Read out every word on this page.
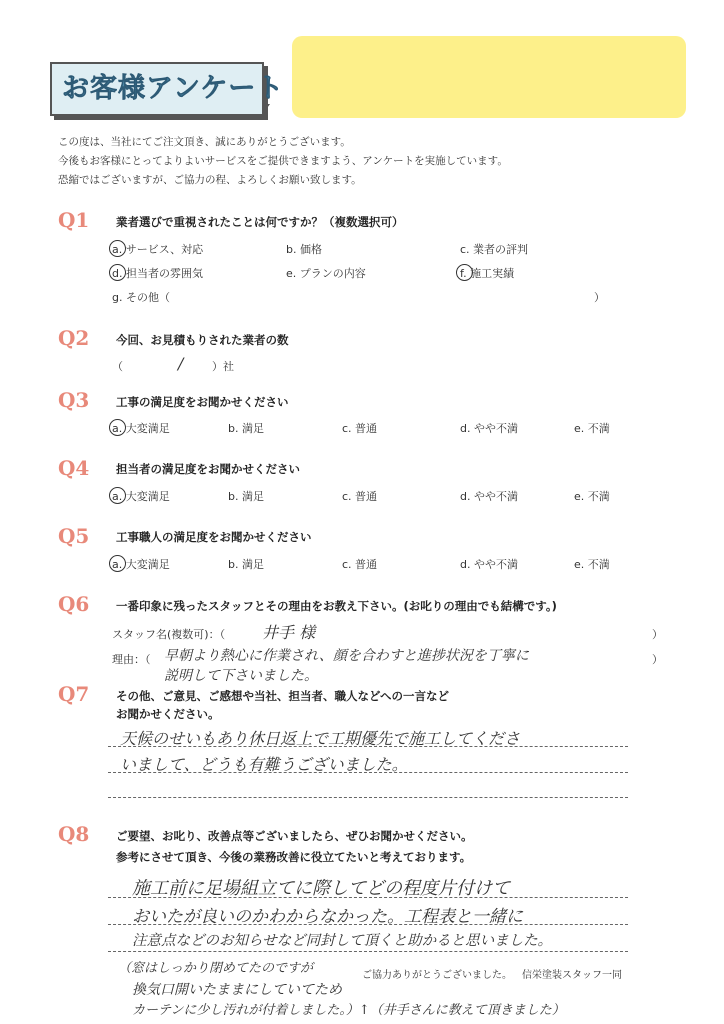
お客様アンケート
この度は、当社にてご注文頂き、誠にありがとうございます。
今後もお客様にとってよりよいサービスをご提供できますよう、アンケートを実施しています。
恐縮ではございますが、ご協力の程、よろしくお願い致します。
Q1 業者選びで重視されたことは何ですか？（複数選択可）
a. サービス、対応	b. 価格	c. 業者の評判
d. 担当者の雰囲気	e. プランの内容	f. 施工実績
g. その他（	）
Q2 今回、お見積もりされた業者の数
（	/	）社
Q3 工事の満足度をお聞かせください
a. 大変満足	b. 満足	c. 普通	d. やや不満	e. 不満
Q4 担当者の満足度をお聞かせください
a. 大変満足	b. 満足	c. 普通	d. やや不満	e. 不満
Q5 工事職人の満足度をお聞かせください
a. 大変満足	b. 満足	c. 普通	d. やや不満	e. 不満
Q6 一番印象に残ったスタッフとその理由をお教え下さい。(お叱りの理由でも結構です。)
スタッフ名(複数可)：（ 井手 様	）
理由：（ 早朝より熱心に作業され、顔を合わすと進捗状況を丁寧に	）
説明して下さいました。
Q7 その他、ご意見、ご感想や当社、担当者、職人などへの一言など
お聞かせください。
天候のせいもあり休日返上で工期優先で施工してくださ
いまして、どうも有難うございました。
Q8 ご要望、お叱り、改善点等ございましたら、ぜひお聞かせください。
参考にさせて頂き、今後の業務改善に役立てたいと考えております。
施工前に足場組立てに際してどの程度片付けて
おいたが良いのかわからなかった。工程表と一緒に
注意点などのお知らせなど同封して頂くと助かると思いました。
（窓はしっかり閉めてたのですが
換気口開いたままにしていてため
カーテンに少し汚れが付着しました。）↑（井手さんに教えて頂きました）
ご協力ありがとうございました。 信栄塗装スタッフ一同
